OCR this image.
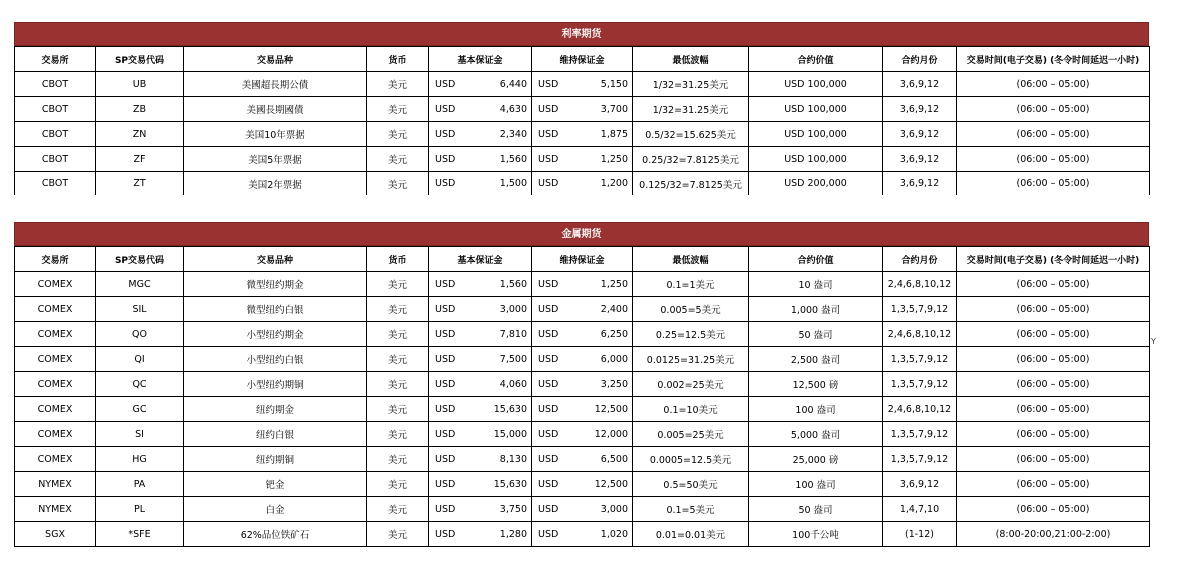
利率期货
交易所	SP交易代码	交易品种	货币	基本保证金	维持保证金	最低波幅	合约价值	合约月份	交易时间(电子交易) (冬令时间延迟一小时)
CBOT	UB	美國超長期公債	美元	USD 6,440	USD 5,150	1/32=31.25美元	USD 100,000	3,6,9,12	(06:00 – 05:00)
CBOT	ZB	美國長期國債	美元	USD 4,630	USD 3,700	1/32=31.25美元	USD 100,000	3,6,9,12	(06:00 – 05:00)
CBOT	ZN	美国10年票据	美元	USD 2,340	USD 1,875	0.5/32=15.625美元	USD 100,000	3,6,9,12	(06:00 – 05:00)
CBOT	ZF	美国5年票据	美元	USD 1,560	USD 1,250	0.25/32=7.8125美元	USD 100,000	3,6,9,12	(06:00 – 05:00)
CBOT	ZT	美国2年票据	美元	USD 1,500	USD 1,200	0.125/32=7.8125美元	USD 200,000	3,6,9,12	(06:00 – 05:00)
金属期货
交易所	SP交易代码	交易品种	货币	基本保证金	维持保证金	最低波幅	合约价值	合约月份	交易时间(电子交易) (冬令时间延迟一小时)
COMEX	MGC	微型纽约期金	美元	USD 1,560	USD 1,250	0.1=1美元	10 盎司	2,4,6,8,10,12	(06:00 – 05:00)
COMEX	SIL	微型纽约白银	美元	USD 3,000	USD 2,400	0.005=5美元	1,000 盎司	1,3,5,7,9,12	(06:00 – 05:00)
COMEX	QO	小型纽约期金	美元	USD 7,810	USD 6,250	0.25=12.5美元	50 盎司	2,4,6,8,10,12	(06:00 – 05:00)
COMEX	QI	小型纽约白银	美元	USD 7,500	USD 6,000	0.0125=31.25美元	2,500 盎司	1,3,5,7,9,12	(06:00 – 05:00)
COMEX	QC	小型纽约期铜	美元	USD 4,060	USD 3,250	0.002=25美元	12,500 磅	1,3,5,7,9,12	(06:00 – 05:00)
COMEX	GC	纽约期金	美元	USD 15,630	USD 12,500	0.1=10美元	100 盎司	2,4,6,8,10,12	(06:00 – 05:00)
COMEX	SI	纽约白银	美元	USD 15,000	USD 12,000	0.005=25美元	5,000 盎司	1,3,5,7,9,12	(06:00 – 05:00)
COMEX	HG	纽约期铜	美元	USD 8,130	USD 6,500	0.0005=12.5美元	25,000 磅	1,3,5,7,9,12	(06:00 – 05:00)
NYMEX	PA	钯金	美元	USD 15,630	USD 12,500	0.5=50美元	100 盎司	3,6,9,12	(06:00 – 05:00)
NYMEX	PL	白金	美元	USD 3,750	USD 3,000	0.1=5美元	50 盎司	1,4,7,10	(06:00 – 05:00)
SGX	*SFE	62%品位铁矿石	美元	USD 1,280	USD 1,020	0.01=0.01美元	100千公吨	(1-12)	(8:00-20:00,21:00-2:00)
Y
